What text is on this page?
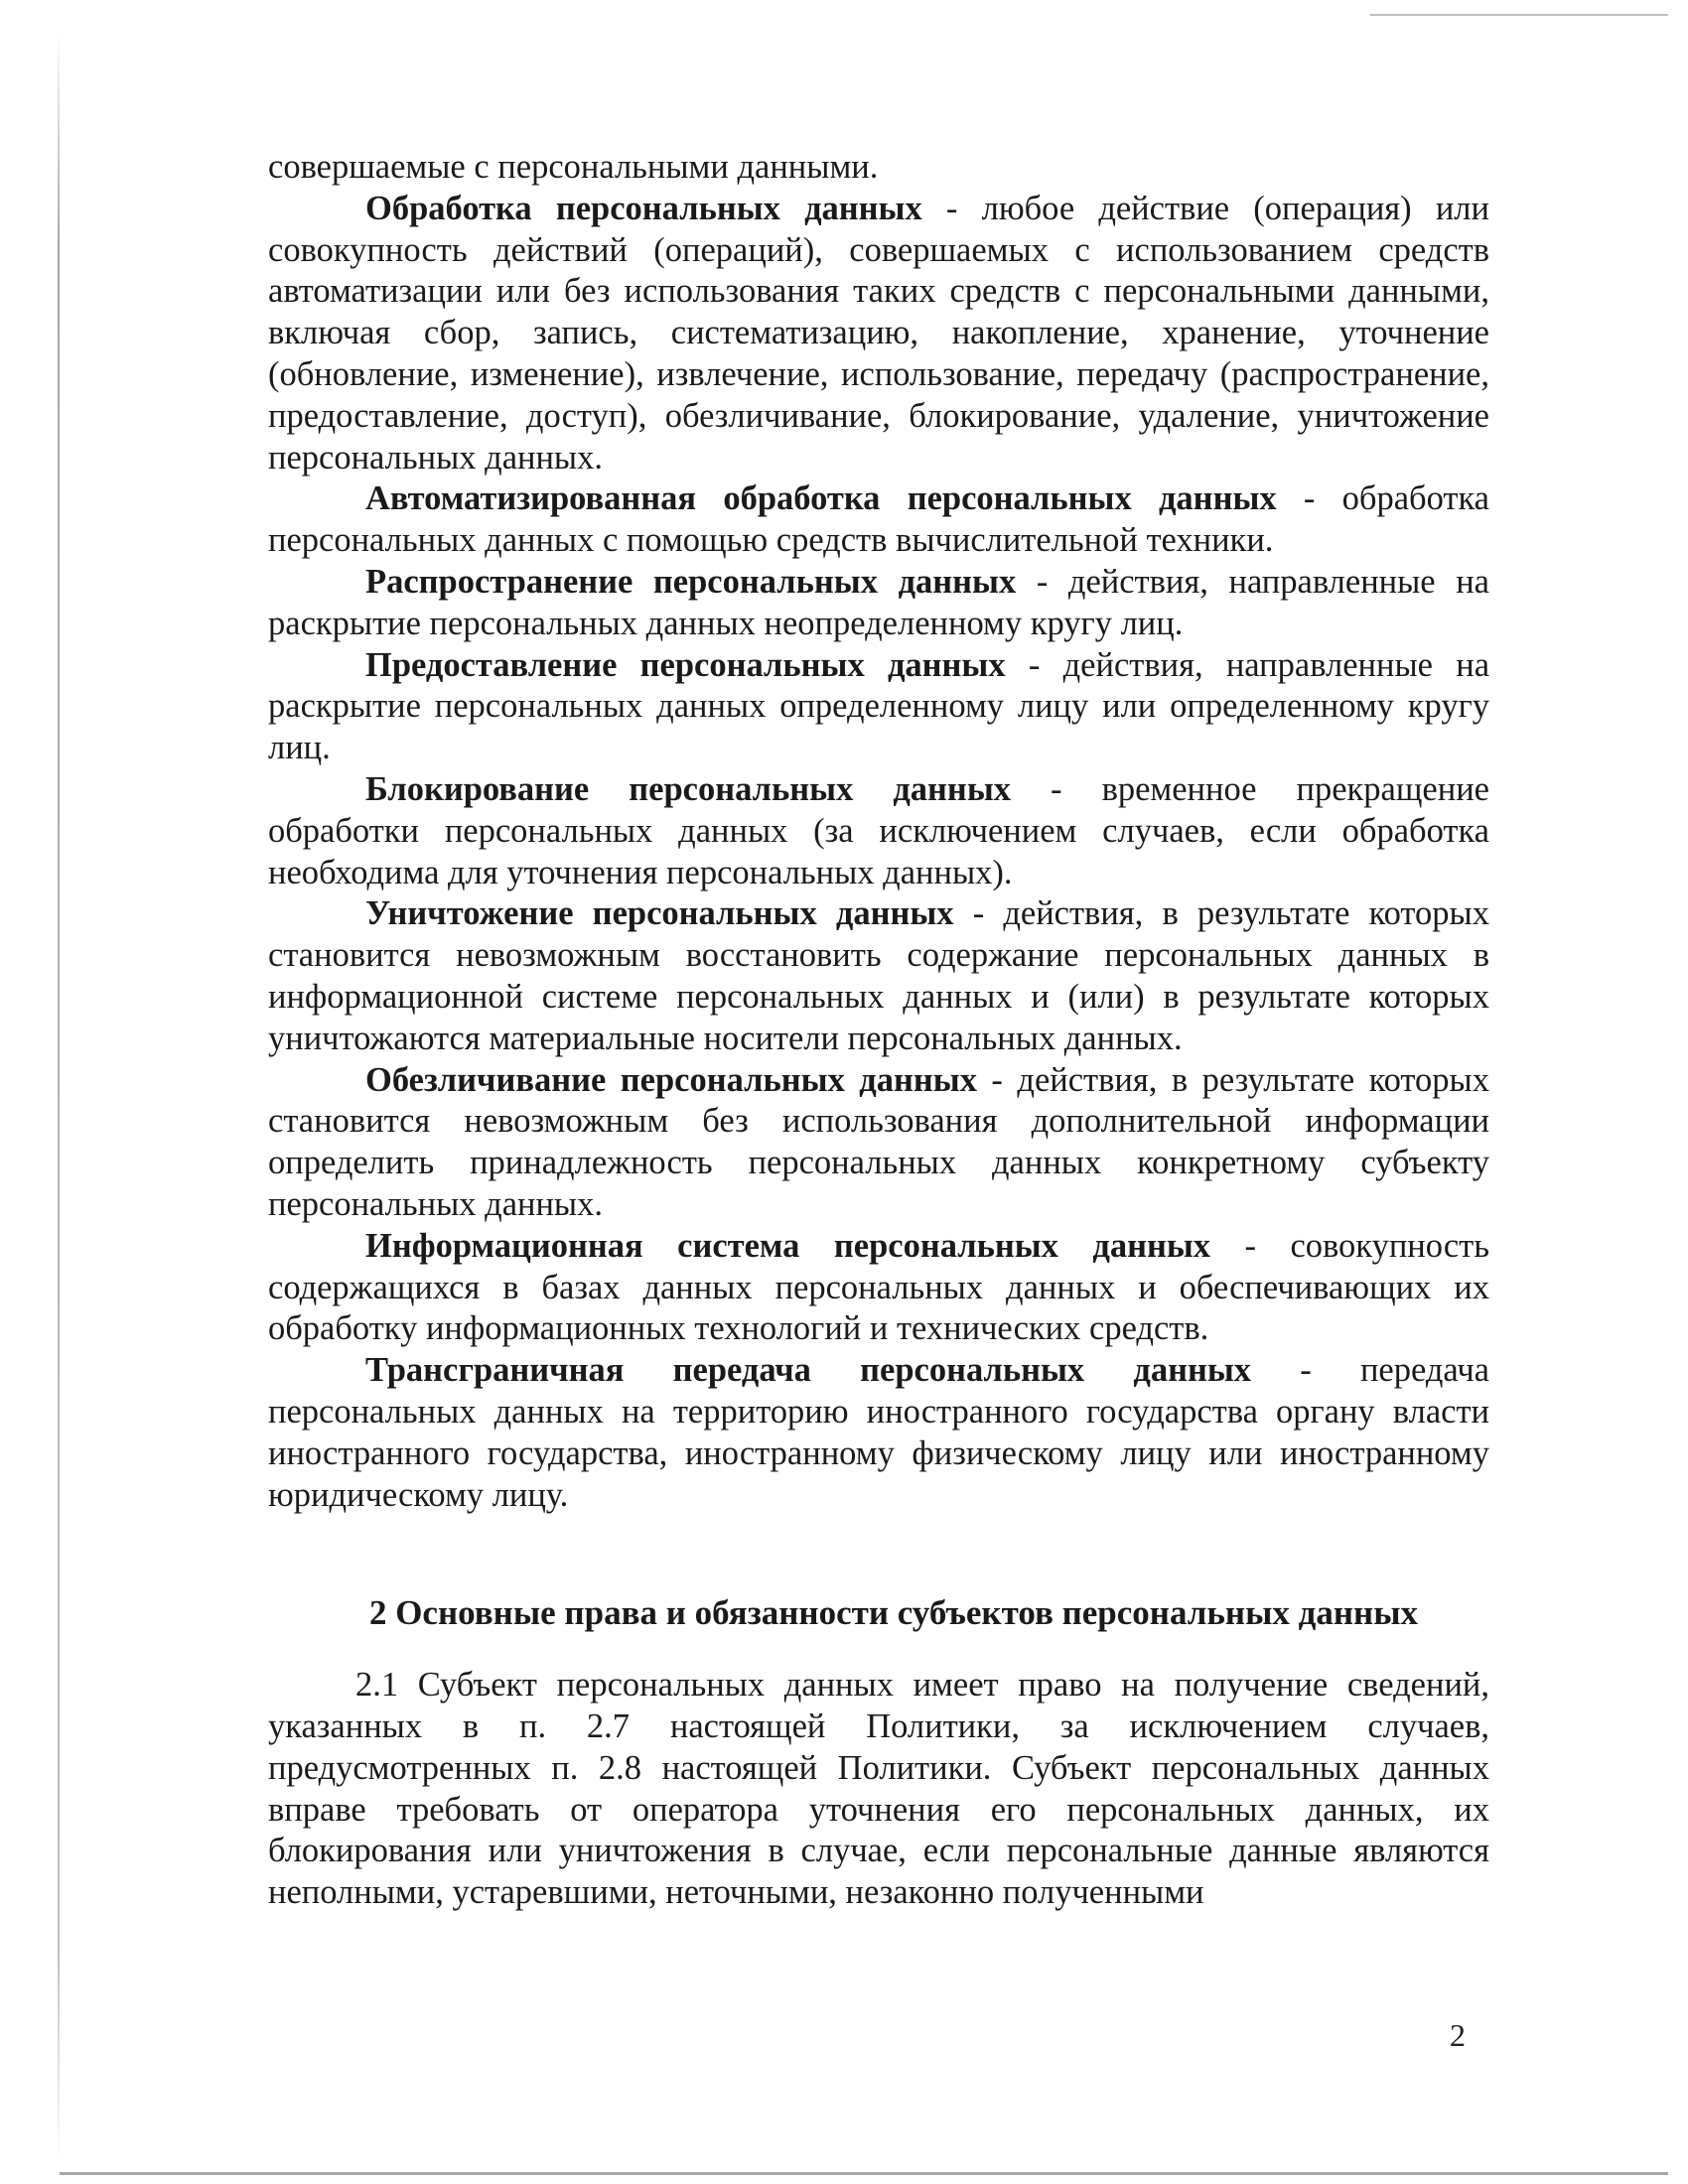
совершаемые с персональными данными.

Обработка персональных данных - любое действие (операция) или совокупность действий (операций), совершаемых с использованием средств автоматизации или без использования таких средств с персональными данными, включая сбор, запись, систематизацию, накопление, хранение, уточнение (обновление, изменение), извлечение, использование, передачу (распространение, предоставление, доступ), обезличивание, блокирование, удаление, уничтожение персональных данных.

Автоматизированная обработка персональных данных - обработка персональных данных с помощью средств вычислительной техники.

Распространение персональных данных - действия, направленные на раскрытие персональных данных неопределенному кругу лиц.

Предоставление персональных данных - действия, направленные на раскрытие персональных данных определенному лицу или определенному кругу лиц.

Блокирование персональных данных - временное прекращение обработки персональных данных (за исключением случаев, если обработка необходима для уточнения персональных данных).

Уничтожение персональных данных - действия, в результате которых становится невозможным восстановить содержание персональных данных в информационной системе персональных данных и (или) в результате которых уничтожаются материальные носители персональных данных.

Обезличивание персональных данных - действия, в результате которых становится невозможным без использования дополнительной информации определить принадлежность персональных данных конкретному субъекту персональных данных.

Информационная система персональных данных - совокупность содержащихся в базах данных персональных данных и обеспечивающих их обработку информационных технологий и технических средств.

Трансграничная передача персональных данных - передача персональных данных на территорию иностранного государства органу власти иностранного государства, иностранному физическому лицу или иностранному юридическому лицу.

2 Основные права и обязанности субъектов персональных данных

2.1 Субъект персональных данных имеет право на получение сведений, указанных в п. 2.7 настоящей Политики, за исключением случаев, предусмотренных п. 2.8 настоящей Политики. Субъект персональных данных вправе требовать от оператора уточнения его персональных данных, их блокирования или уничтожения в случае, если персональные данные являются неполными, устаревшими, неточными, незаконно полученными

2
